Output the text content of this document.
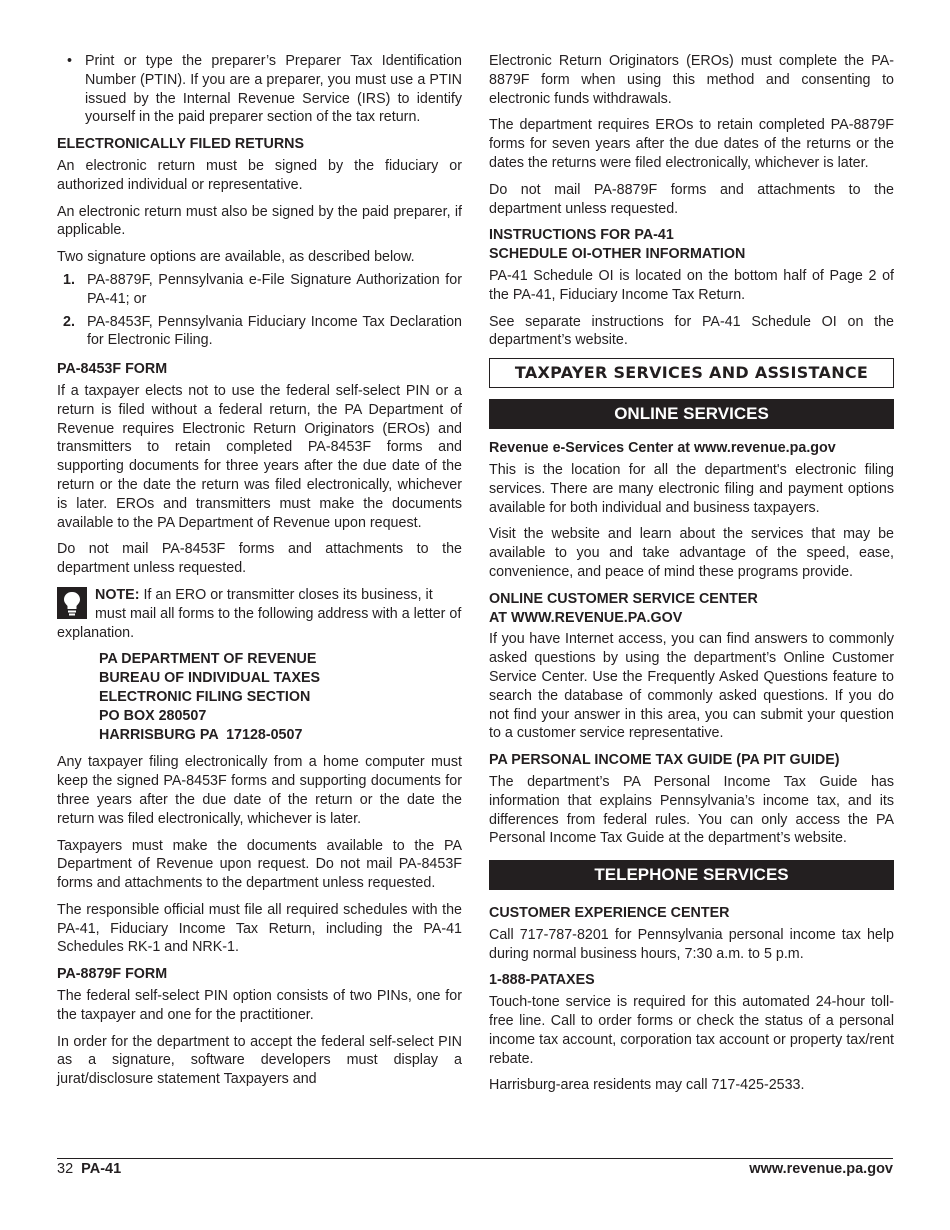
• Print or type the preparer’s Preparer Tax Identification Number (PTIN). If you are a preparer, you must use a PTIN issued by the Internal Revenue Service (IRS) to identify yourself in the paid preparer section of the tax return.
ELECTRONICALLY FILED RETURNS

An electronic return must be signed by the fiduciary or authorized individual or representative.

An electronic return must also be signed by the paid preparer, if applicable.

Two signature options are available, as described below.

1. PA-8879F, Pennsylvania e-File Signature Authorization for PA-41; or
2. PA-8453F, Pennsylvania Fiduciary Income Tax Declaration for Electronic Filing.
PA-8453F FORM

If a taxpayer elects not to use the federal self-select PIN or a return is filed without a federal return, the PA Department of Revenue requires Electronic Return Originators (EROs) and transmitters to retain completed PA-8453F forms and supporting documents for three years after the due date of the return or the date the return was filed electronically, whichever is later. EROs and transmitters must make the documents available to the PA Department of Revenue upon request.

Do not mail PA-8453F forms and attachments to the department unless requested.

NOTE: If an ERO or transmitter closes its business, it must mail all forms to the following address with a letter of explanation.
PA DEPARTMENT OF REVENUE
BUREAU OF INDIVIDUAL TAXES
ELECTRONIC FILING SECTION
PO BOX 280507
HARRISBURG PA  17128-0507

Any taxpayer filing electronically from a home computer must keep the signed PA-8453F forms and supporting documents for three years after the due date of the return or the date the return was filed electronically, whichever is later.

Taxpayers must make the documents available to the PA Department of Revenue upon request. Do not mail PA-8453F forms and attachments to the department unless requested.

The responsible official must file all required schedules with the PA-41, Fiduciary Income Tax Return, including the PA-41 Schedules RK-1 and NRK-1.

PA-8879F FORM

The federal self-select PIN option consists of two PINs, one for the taxpayer and one for the practitioner.

In order for the department to accept the federal self-select PIN as a signature, software developers must display a jurat/disclosure statement Taxpayers and

Electronic Return Originators (EROs) must complete the PA-8879F form when using this method and consenting to electronic funds withdrawals.

The department requires EROs to retain completed PA-8879F forms for seven years after the due dates of the returns or the dates the returns were filed electronically, whichever is later.

Do not mail PA-8879F forms and attachments to the department unless requested.

INSTRUCTIONS FOR PA-41
SCHEDULE OI-OTHER INFORMATION

PA-41 Schedule OI is located on the bottom half of Page 2 of the PA-41, Fiduciary Income Tax Return.

See separate instructions for PA-41 Schedule OI on the department’s website.

TAXPAYER SERVICES AND ASSISTANCE
ONLINE SERVICES
Revenue e-Services Center at www.revenue.pa.gov

This is the location for all the department's electronic filing services. There are many electronic filing and payment options available for both individual and business taxpayers.

Visit the website and learn about the services that may be available to you and take advantage of the speed, ease, convenience, and peace of mind these programs provide.

ONLINE CUSTOMER SERVICE CENTER
AT WWW.REVENUE.PA.GOV

If you have Internet access, you can find answers to commonly asked questions by using the department’s Online Customer Service Center. Use the Frequently Asked Questions feature to search the database of commonly asked questions. If you do not find your answer in this area, you can submit your question to a customer service representative.

PA PERSONAL INCOME TAX GUIDE (PA PIT GUIDE)

The department’s PA Personal Income Tax Guide has information that explains Pennsylvania’s income tax, and its differences from federal rules. You can only access the PA Personal Income Tax Guide at the department’s website.

TELEPHONE SERVICES
CUSTOMER EXPERIENCE CENTER

Call 717-787-8201 for Pennsylvania personal income tax help during normal business hours, 7:30 a.m. to 5 p.m.

1-888-PATAXES

Touch-tone service is required for this automated 24-hour toll-free line. Call to order forms or check the status of a personal income tax account, corporation tax account or property tax/rent rebate.

Harrisburg-area residents may call 717-425-2533.

32 PA-41	www.revenue.pa.gov
